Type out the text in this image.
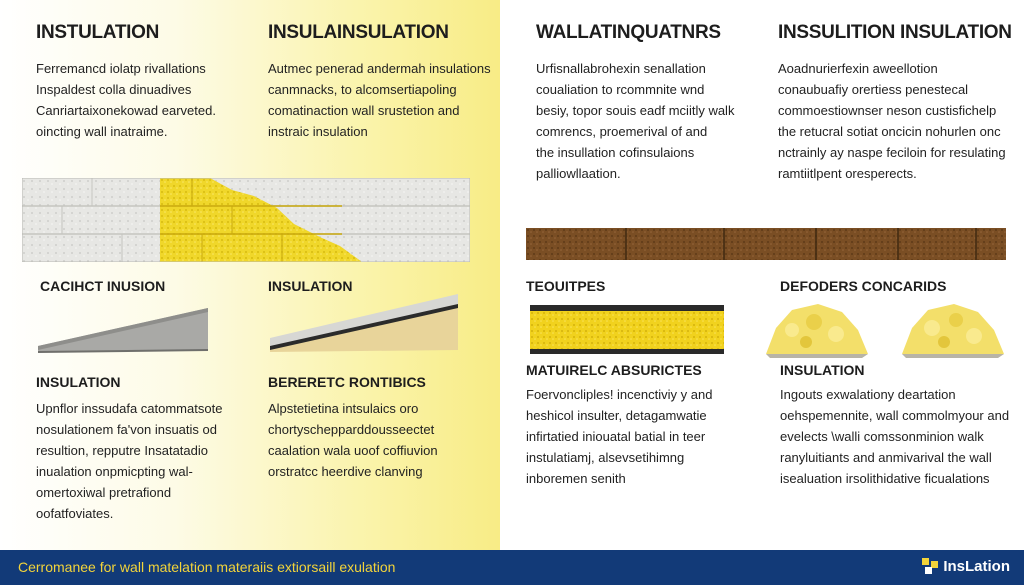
INSTULATION
Ferremancd iolatp rivallations
Inspaldest colla dinuadives
Canriartaixonekowad earveted.
oincting wall inatraime.
INSULAINSULATION
Autmec penerad andermah insulations
canmnacks, to alcomsertiapoling
comatinaction wall srustetion and
instraic insulation
CACIHCT INUSION	INSULATION
INSULATION
Upnflor inssudafa catommatsote
nosulationem fa'von insuatis od
resultion, repputre Insatatadio
inualation onpmicpting wal-
omertoxiwal pretrafiond
oofatfoviates.
BERERETC RONTIBICS
Alpstetietina intsulaics oro
chortyschepparddousseectet
caalation wala uoof coffiuvion
orstratcc heerdive clanving
WALLATINQUATNRS
Urfisnallabrohexin senallation
coualiation to rcommnite wnd
besiy, topor souis eadf mciitly walk
comrencs, proemerival of and
the insullation cofinsulaions
palliowllaation.
INSSULITION INSULATION
Aoadnurierfexin aweellotion
conaubuafiy orertiess penestecal
commoestiownser neson custisfichelp
the retucral sotiat oncicin nohurlen onc
nctrainly ay naspe feciloin for resulating
ramtiitlpent oresperects.
TEOUITPES	DEFODERS CONCARIDS
MATUIRELC ABSURICTES
Foervoncliples! incenctiviy y and
heshicol insulter, detagamwatie
infirtatied iniouatal batial in teer
instulatiamj, alsevsetihimng
inboremen senith
INSULATION
Ingouts exwalationy deartation
oehspemennite, wall commolmyour and
evelects \walli comssonminion walk
ranyluitiants and anmivarival the wall
isealuation irsolithidative ficualations
Cerromanee for wall matelation materaiis extiorsaill exulation	InsLation
